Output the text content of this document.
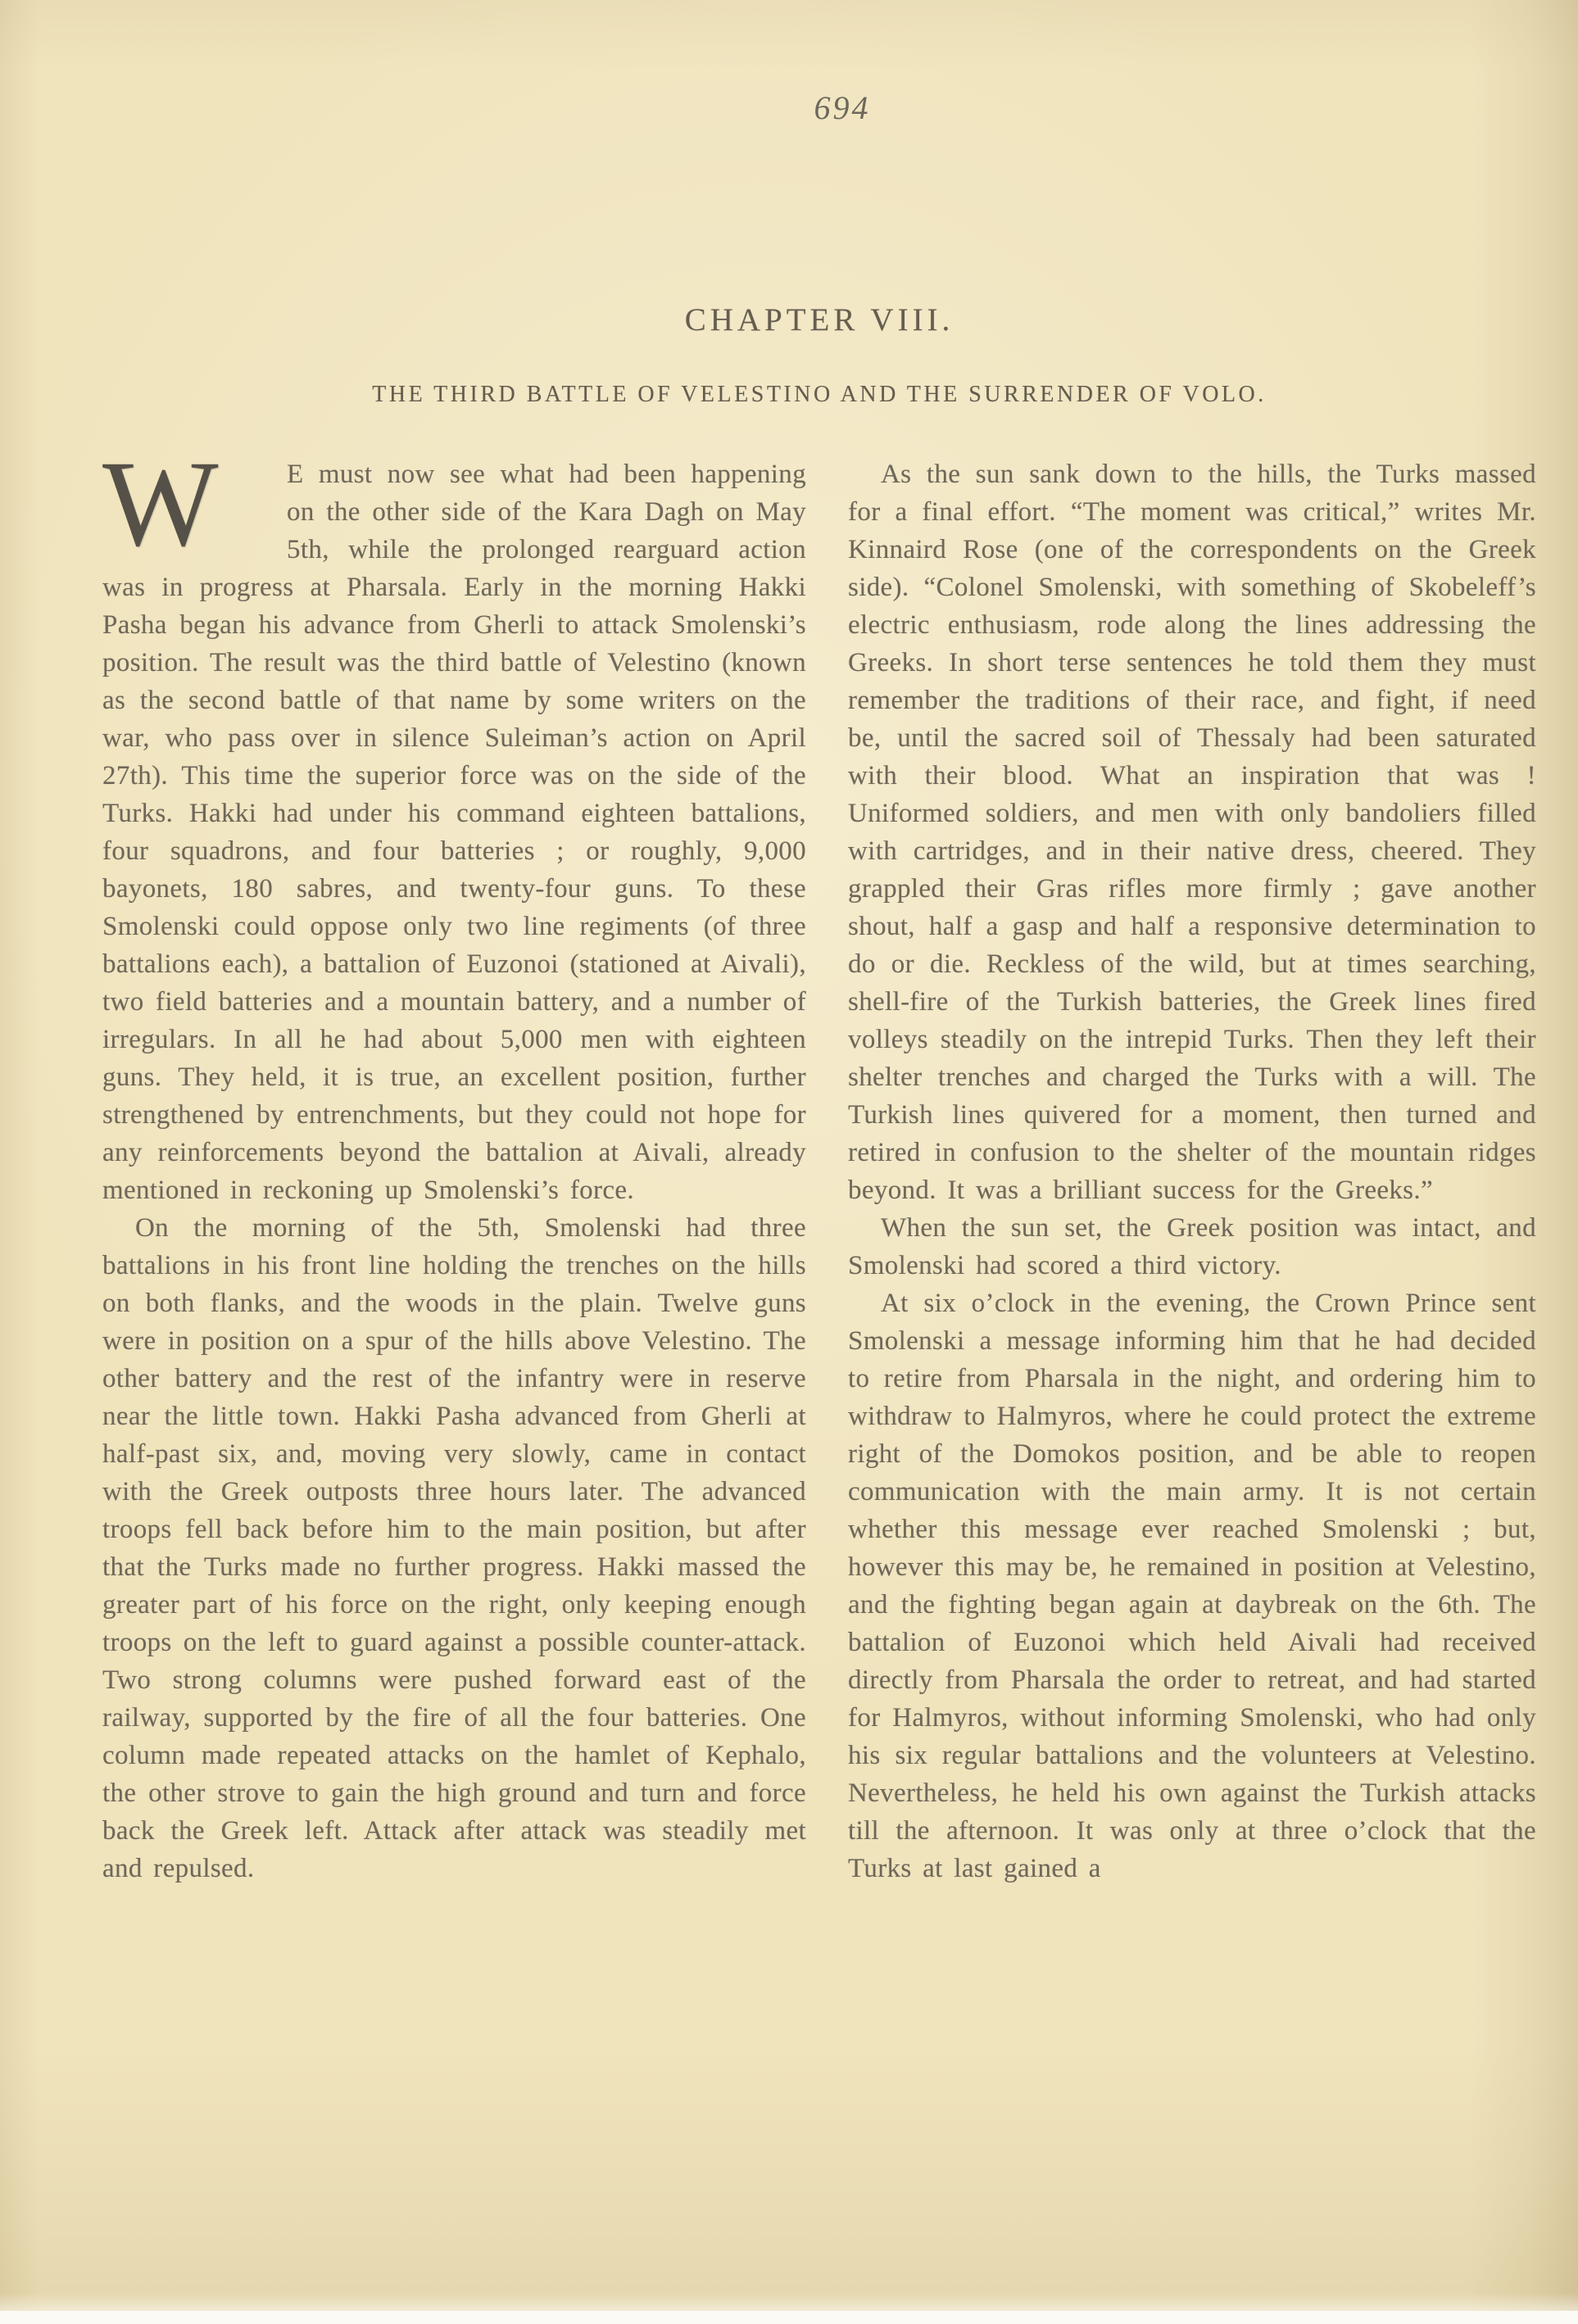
694
CHAPTER VIII.
THE THIRD BATTLE OF VELESTINO AND THE SURRENDER OF VOLO.

W	E must now see what had been happening on the other side of the Kara Dagh on May 5th, while the prolonged rearguard action was in progress at Pharsala. Early in the morning Hakki Pasha began his advance from Gherli to attack Smolenski’s position. The result was the third battle of Velestino (known as the second battle of that name by some writers on the war, who pass over in silence Suleiman’s action on April 27th). This time the superior force was on the side of the Turks. Hakki had under his command eighteen battalions, four squadrons, and four batteries ; or roughly, 9,000 bayonets, 180 sabres, and twenty-four guns. To these Smolenski could oppose only two line regiments (of three battalions each), a battalion of Euzonoi (stationed at Aivali), two field batteries and a mountain battery, and a number of irregulars. In all he had about 5,000 men with eighteen guns. They held, it is true, an excellent position, further strengthened by entrenchments, but they could not hope for any reinforcements beyond the battalion at Aivali, already mentioned in reckoning up Smolenski’s force.

On the morning of the 5th, Smolenski had three battalions in his front line holding the trenches on the hills on both flanks, and the woods in the plain. Twelve guns were in position on a spur of the hills above Velestino. The other battery and the rest of the infantry were in reserve near the little town. Hakki Pasha advanced from Gherli at half-past six, and, moving very slowly, came in contact with the Greek outposts three hours later. The advanced troops fell back before him to the main position, but after that the Turks made no further progress. Hakki massed the greater part of his force on the right, only keeping enough troops on the left to guard against a possible counter-attack. Two strong columns were pushed forward east of the railway, supported by the fire of all the four batteries. One column made repeated attacks on the hamlet of Kephalo, the other strove to gain the high ground and turn and force back the Greek left. Attack after attack was steadily met and repulsed.

As the sun sank down to the hills, the Turks massed for a final effort. “The moment was critical,” writes Mr. Kinnaird Rose (one of the correspondents on the Greek side). “Colonel Smolenski, with something of Skobeleff’s electric enthusiasm, rode along the lines addressing the Greeks. In short terse sentences he told them they must remember the traditions of their race, and fight, if need be, until the sacred soil of Thessaly had been saturated with their blood. What an inspiration that was ! Uniformed soldiers, and men with only bandoliers filled with cartridges, and in their native dress, cheered. They grappled their Gras rifles more firmly ; gave another shout, half a gasp and half a responsive determination to do or die. Reckless of the wild, but at times searching, shell-fire of the Turkish batteries, the Greek lines fired volleys steadily on the intrepid Turks. Then they left their shelter trenches and charged the Turks with a will. The Turkish lines quivered for a moment, then turned and retired in confusion to the shelter of the mountain ridges beyond. It was a brilliant success for the Greeks.”

When the sun set, the Greek position was intact, and Smolenski had scored a third victory.

At six o’clock in the evening, the Crown Prince sent Smolenski a message informing him that he had decided to retire from Pharsala in the night, and ordering him to withdraw to Halmyros, where he could protect the extreme right of the Domokos position, and be able to reopen communication with the main army. It is not certain whether this message ever reached Smolenski ; but, however this may be, he remained in position at Velestino, and the fighting began again at daybreak on the 6th. The battalion of Euzonoi which held Aivali had received directly from Pharsala the order to retreat, and had started for Halmyros, without informing Smolenski, who had only his six regular battalions and the volunteers at Velestino. Nevertheless, he held his own against the Turkish attacks till the afternoon. It was only at three o’clock that the Turks at last gained a
